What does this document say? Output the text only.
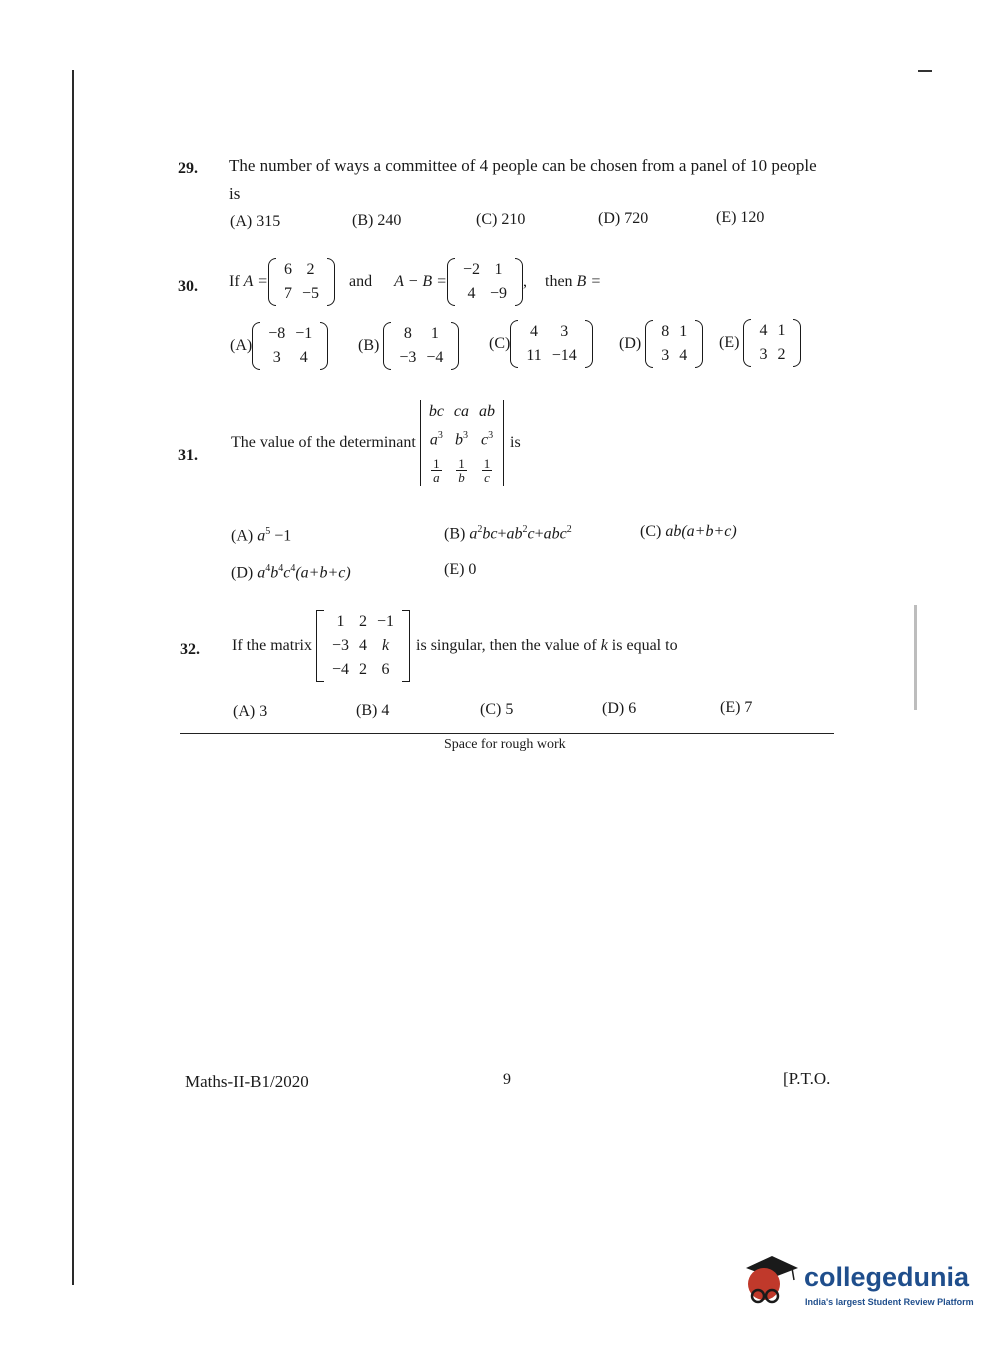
29. The number of ways a committee of 4 people can be chosen from a panel of 10 people
is
(A) 315	(B) 240	(C) 210	(D) 720	(E) 120
30. If
A =
6	2
7	−5
and A − B =
−2	1
4	−9
, then
B =
(A)
−8	−1
3	4
(B)

8	1
−3	−4
(C)
4	3
11	−14
(D)

8	1
3	4
(E)

4	1
3	2
31.
The value of the determinant

bc	ca	ab
$a^3$	$b^3$	$c^3$

$\frac{1}{a}$	$\frac{1}{b}$	$\frac{1}{c}$
is
(A) $a^5 -1$	(B) $a^2bc+ab^2c+abc^2$	(C) ab(a+b+c)
(D) $a^4b^4c^4(a+b+c)$	(E) 0
32. If the matrix

1	2	−1
−3	4	k
−4	2	6
is singular, then the value of k is equal to
(A) 3	(B) 4	(C) 5	(D) 6	(E) 7
Space for rough work
Maths-II-B1/2020	9	[P.T.O.
collegedunia
India's largest Student Review Platform
